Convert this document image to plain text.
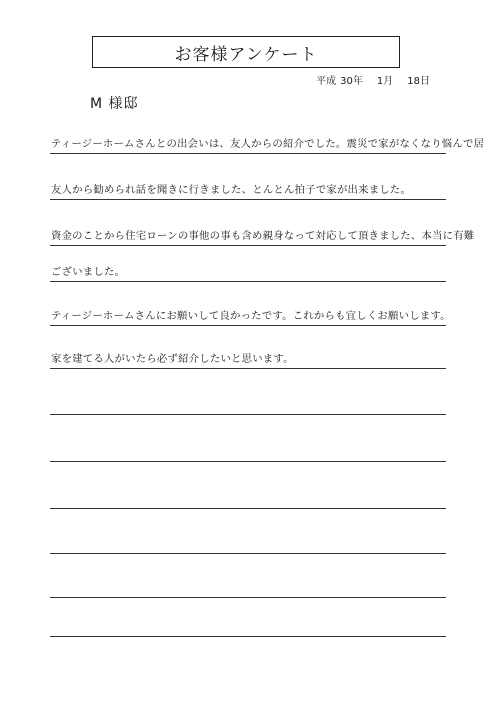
お客様アンケート
平成 30年 1月 18日
M 様邸
ティージーホームさんとの出会いは、友人からの紹介でした。震災で家がなくなり悩んで居
友人から勧められ話を聞きに行きました、とんとん拍子で家が出来ました。
資金のことから住宅ローンの事他の事も含め親身なって対応して頂きました、本当に有難
ございました。
ティージーホームさんにお願いして良かったです。これからも宜しくお願いします。
家を建てる人がいたら必ず紹介したいと思います。
